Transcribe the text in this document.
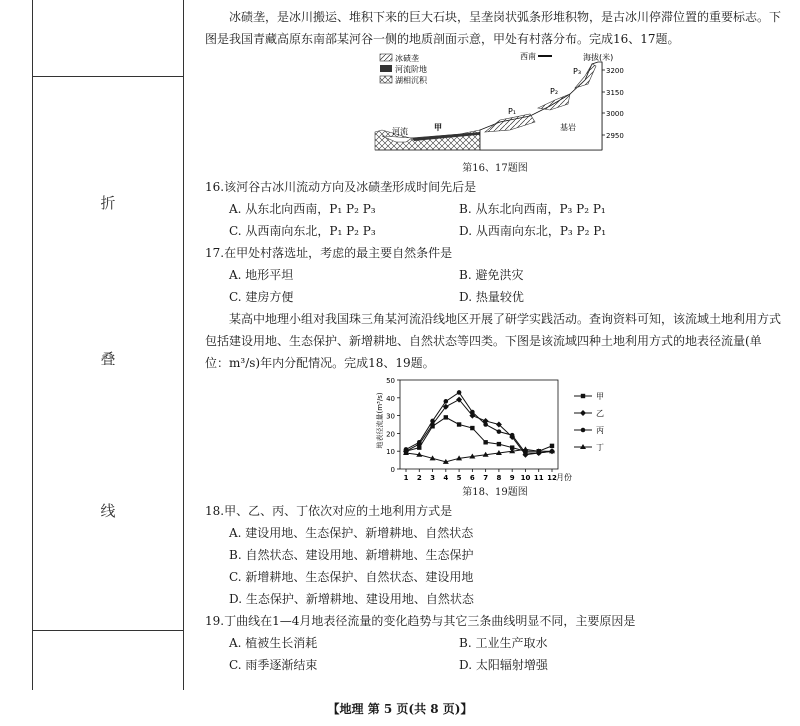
折
叠
线

冰碛垄，是冰川搬运、堆积下来的巨大石块，呈垄岗状弧条形堆积物，是古冰川停滞位置的重要标志。下图是我国青藏高原东南部某河谷一侧的地质剖面示意，甲处有村落分布。完成16、17题。

冰碛垄
河流阶地
湖相沉积
西南	海拔(米)
3200
3150
3000
2950
河流	甲	基岩
P₁
P₂
P₃

第16、17题图

16.该河谷古冰川流动方向及冰碛垄形成时间先后是

A. 从东北向西南，P₁ P₂ P₃	B. 从东北向西南，P₃ P₂ P₁
C. 从西南向东北，P₁ P₂ P₃	D. 从西南向东北，P₃ P₂ P₁

17.在甲处村落选址，考虑的最主要自然条件是

A. 地形平坦	B. 避免洪灾
C. 建房方便	D. 热量较优

某高中地理小组对我国珠三角某河流沿线地区开展了研学实践活动。查询资料可知，该流域土地利用方式包括建设用地、生态保护、新增耕地、自然状态等四类。下图是该流域四种土地利用方式的地表径流量(单位：m³/s)年内分配情况。完成18、19题。

地表径流量(m³/s)
月份
0
10
20
30
40
50
1 2 3 4 5 6 7 8 9 10 11 12
甲
乙
丙
丁

第18、19题图

18.甲、乙、丙、丁依次对应的土地利用方式是

A. 建设用地、生态保护、新增耕地、自然状态
B. 自然状态、建设用地、新增耕地、生态保护
C. 新增耕地、生态保护、自然状态、建设用地
D. 生态保护、新增耕地、建设用地、自然状态

19.丁曲线在1—4月地表径流量的变化趋势与其它三条曲线明显不同，主要原因是

A. 植被生长消耗	B. 工业生产取水
C. 雨季逐渐结束	D. 太阳辐射增强
【地理 第 5 页(共 8 页)】
